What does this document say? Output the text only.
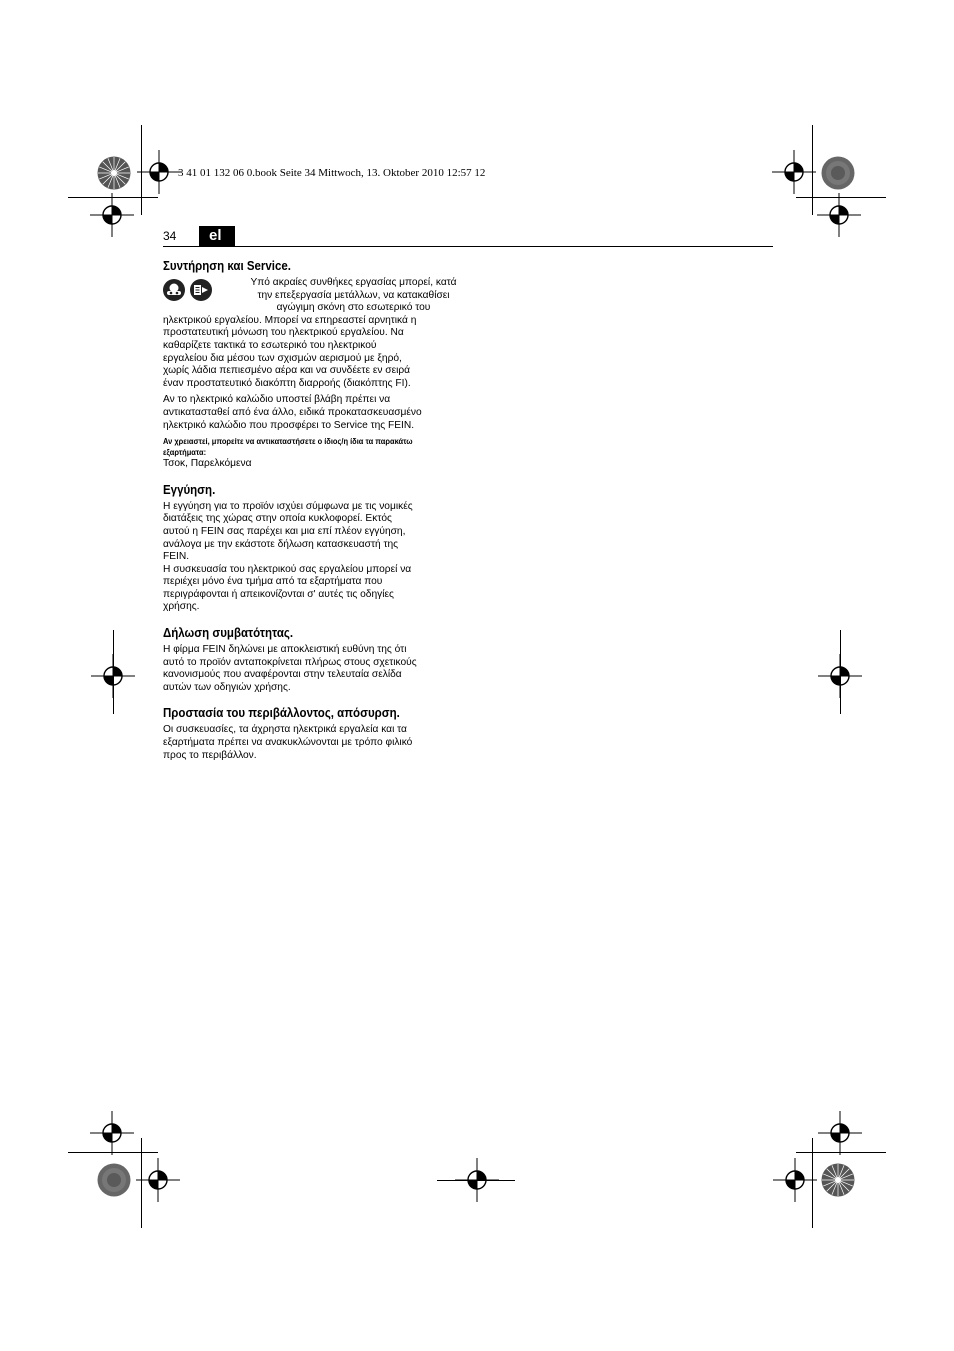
3 41 01 132 06 0.book Seite 34 Mittwoch, 13. Oktober 2010 12:57 12
34	el
Συντήρηση και Service.

Υπό ακραίες συνθήκες εργασίας μπορεί, κατά
την επεξεργασία μετάλλων, να κατακαθίσει
αγώγιμη σκόνη στο εσωτερικό του

ηλεκτρικού εργαλείου. Μπορεί να επηρεαστεί αρνητικά η
προστατευτική μόνωση του ηλεκτρικού εργαλείου. Να
καθαρίζετε τακτικά το εσωτερικό του ηλεκτρικού
εργαλείου δια μέσου των σχισμών αερισμού με ξηρό,
χωρίς λάδια πεπιεσμένο αέρα και να συνδέετε εν σειρά
έναν προστατευτικό διακόπτη διαρροής (διακόπτης FI).

Αν το ηλεκτρικό καλώδιο υποστεί βλάβη πρέπει να
αντικατασταθεί από ένα άλλο, ειδικά προκατασκευασμένο
ηλεκτρικό καλώδιο που προσφέρει το Service της FEIN.

Αν χρειαστεί, μπορείτε να αντικαταστήσετε ο ίδιος/η ίδια τα παρακάτω
εξαρτήματα:

Τσοκ, Παρελκόμενα

Εγγύηση.

Η εγγύηση για το προϊόν ισχύει σύμφωνα με τις νομικές
διατάξεις της χώρας στην οποία κυκλοφορεί. Εκτός
αυτού η FEIN σας παρέχει και μια επί πλέον εγγύηση,
ανάλογα με την εκάστοτε δήλωση κατασκευαστή της
FEIN.
Η συσκευασία του ηλεκτρικού σας εργαλείου μπορεί να
περιέχει μόνο ένα τμήμα από τα εξαρτήματα που
περιγράφονται ή απεικονίζονται σ' αυτές τις οδηγίες
χρήσης.

Δήλωση συμβατότητας.

Η φίρμα FEIN δηλώνει με αποκλειστική ευθύνη της ότι
αυτό το προϊόν ανταποκρίνεται πλήρως στους σχετικούς
κανονισμούς που αναφέρονται στην τελευταία σελίδα
αυτών των οδηγιών χρήσης.

Προστασία του περιβάλλοντος, απόσυρση.

Οι συσκευασίες, τα άχρηστα ηλεκτρικά εργαλεία και τα
εξαρτήματα πρέπει να ανακυκλώνονται με τρόπο φιλικό
προς το περιβάλλον.
